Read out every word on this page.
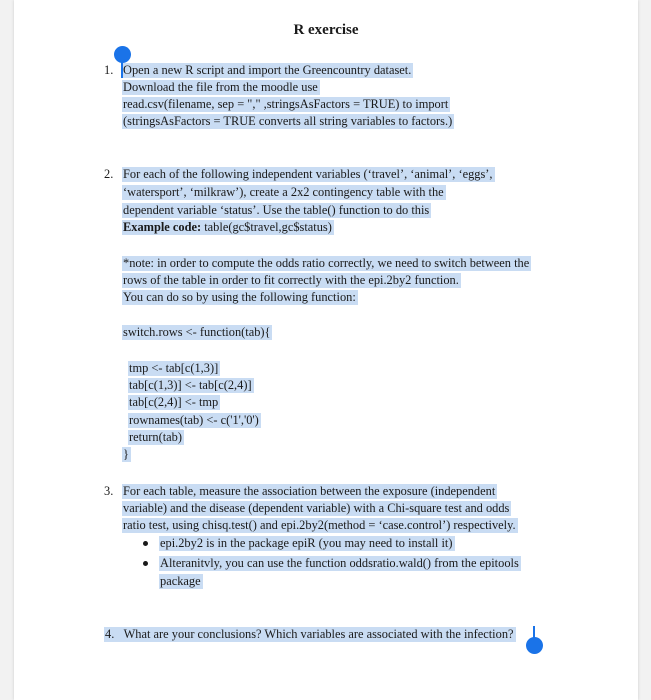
R exercise
1. Open a new R script and import the Greencountry dataset.
Download the file from the moodle use
read.csv(filename, sep = "," ,stringsAsFactors = TRUE) to import
(stringsAsFactors = TRUE converts all string variables to factors.)
2. For each of the following independent variables (‘travel’, ‘animal’, ‘eggs’,
‘watersport’, ‘milkraw’), create a 2x2 contingency table with the
dependent variable ‘status’. Use the table() function to do this
Example code: table(gc$travel,gc$status)
*note: in order to compute the odds ratio correctly, we need to switch between the
rows of the table in order to fit correctly with the epi.2by2 function.
You can do so by using the following function:
switch.rows <- function(tab){
tmp <- tab[c(1,3)]
tab[c(1,3)] <- tab[c(2,4)]
tab[c(2,4)] <- tmp
rownames(tab) <- c('1','0')
return(tab)
}
3. For each table, measure the association between the exposure (independent
variable) and the disease (dependent variable) with a Chi-square test and odds
ratio test, using chisq.test() and epi.2by2(method = ‘case.control’) respectively.
epi.2by2 is in the package epiR (you may need to install it)
Alteranitvly, you can use the function oddsratio.wald() from the epitools
package
4. What are your conclusions? Which variables are associated with the infection?
